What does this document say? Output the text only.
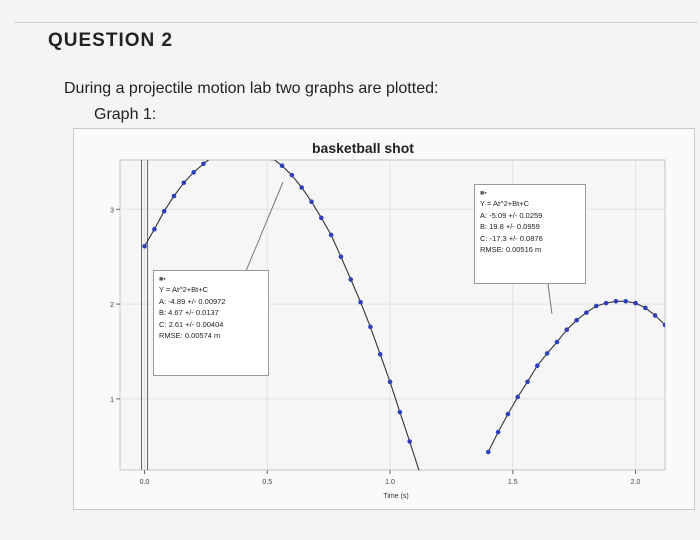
QUESTION 2
During a projectile motion lab two graphs are plotted:
Graph 1:
0.0	0.5	1.0	1.5	2.0
1
2
3
Time (s)
basketball shot
■▪
Y = At^2+Bt+C
A: -4.89 +/- 0.00972
B: 4.67 +/- 0.0137
C: 2.61 +/- 0.00404
RMSE: 0.00574 m
■▪
Y = At^2+Bt+C
A: -5.09 +/- 0.0259
B: 19.8 +/- 0.0959
C: -17.3 +/- 0.0876
RMSE: 0.00516 m
